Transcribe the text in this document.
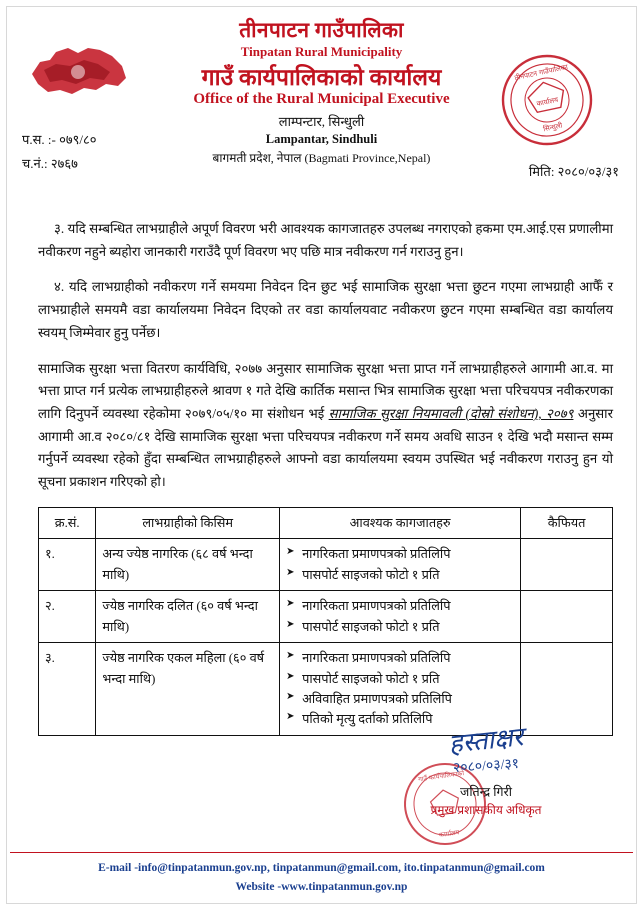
तीनपाटन गाउँपालिका
कार्यालय
सिन्धुली
तीनपाटन गाउँपालिका
Tinpatan Rural Municipality
गाउँ कार्यपालिकाको कार्यालय
Office of the Rural Municipal Executive
लाम्पन्टार, सिन्धुली
Lampantar, Sindhuli
बागमती प्रदेश, नेपाल (Bagmati Province,Nepal)
प.स. :- ०७९/८०
च.नं.: २७६७
मिति: २०८०/०३/३१

३. यदि सम्बन्धित लाभग्राहीले अपूर्ण विवरण भरी आवश्यक कागजातहरु उपलब्ध नगराएको हकमा एम.आई.एस प्रणालीमा नवीकरण नहुने ब्यहोरा जानकारी गराउँदै पूर्ण विवरण भए पछि मात्र नवीकरण गर्न गराउनु हुन।

४. यदि लाभग्राहीको नवीकरण गर्ने समयमा निवेदन दिन छुट भई सामाजिक सुरक्षा भत्ता छुटन गएमा लाभग्राही आफैँ र लाभग्राहीले समयमै वडा कार्यालयमा निवेदन दिएको तर वडा कार्यालयवाट नवीकरण छुटन गएमा सम्बन्धित वडा कार्यालय स्वयम् जिम्मेवार हुनु पर्नेछ।

सामाजिक सुरक्षा भत्ता वितरण कार्यविधि, २०७७ अनुसार सामाजिक सुरक्षा भत्ता प्राप्त गर्ने लाभग्राहीहरुले आगामी आ.व. मा भत्ता प्राप्त गर्न प्रत्येक लाभग्राहीहरुले श्रावण १ गते देखि कार्तिक मसान्त भित्र सामाजिक सुरक्षा भत्ता परिचयपत्र नवीकरणका लागि दिनुपर्ने व्यवस्था रहेकोमा २०७९/०५/१० मा संशोधन भई सामाजिक सुरक्षा नियमावली (दोस्रो संशोधन), २०७९ अनुसार आगामी आ.व २०८०/८१ देखि सामाजिक सुरक्षा भत्ता परिचयपत्र नवीकरण गर्ने समय अवधि साउन १ देखि भदौ मसान्त सम्म गर्नुपर्ने व्यवस्था रहेको हुँदा सम्बन्धित लाभग्राहीहरुले आफ्नो वडा कार्यालयमा स्वयम उपस्थित भई नवीकरण गराउनु हुन यो सूचना प्रकाशन गरिएको हो।

क्र.सं.	लाभग्राहीको किसिम	आवश्यक कागजातहरु	कैफियत
१.	अन्य ज्येष्ठ नागरिक (६८ वर्ष भन्दा माथि)	
➤ नागरिकता प्रमाणपत्रको प्रतिलिपि
➤ पासपोर्ट साइजको फोटो १ प्रति

२.	ज्येष्ठ नागरिक दलित (६० वर्ष भन्दा माथि)	
➤ नागरिकता प्रमाणपत्रको प्रतिलिपि
➤ पासपोर्ट साइजको फोटो १ प्रति

३.	ज्येष्ठ नागरिक एकल महिला (६० वर्ष भन्दा माथि)	
➤ नागरिकता प्रमाणपत्रको प्रतिलिपि
➤ पासपोर्ट साइजको फोटो १ प्रति
➤ अविवाहित प्रमाणपत्रको प्रतिलिपि
➤ पतिको मृत्यु दर्ताको प्रतिलिपि

गाउँ कार्यपालिकाको
कार्यालय
हस्ताक्षर
२०८०/०३/३१
जतिन्द्र गिरी
प्रमुख प्रशासकीय अधिकृत
E-mail -info@tinpatanmun.gov.np, tinpatanmun@gmail.com, ito.tinpatanmun@gmail.com
Website -www.tinpatanmun.gov.np
